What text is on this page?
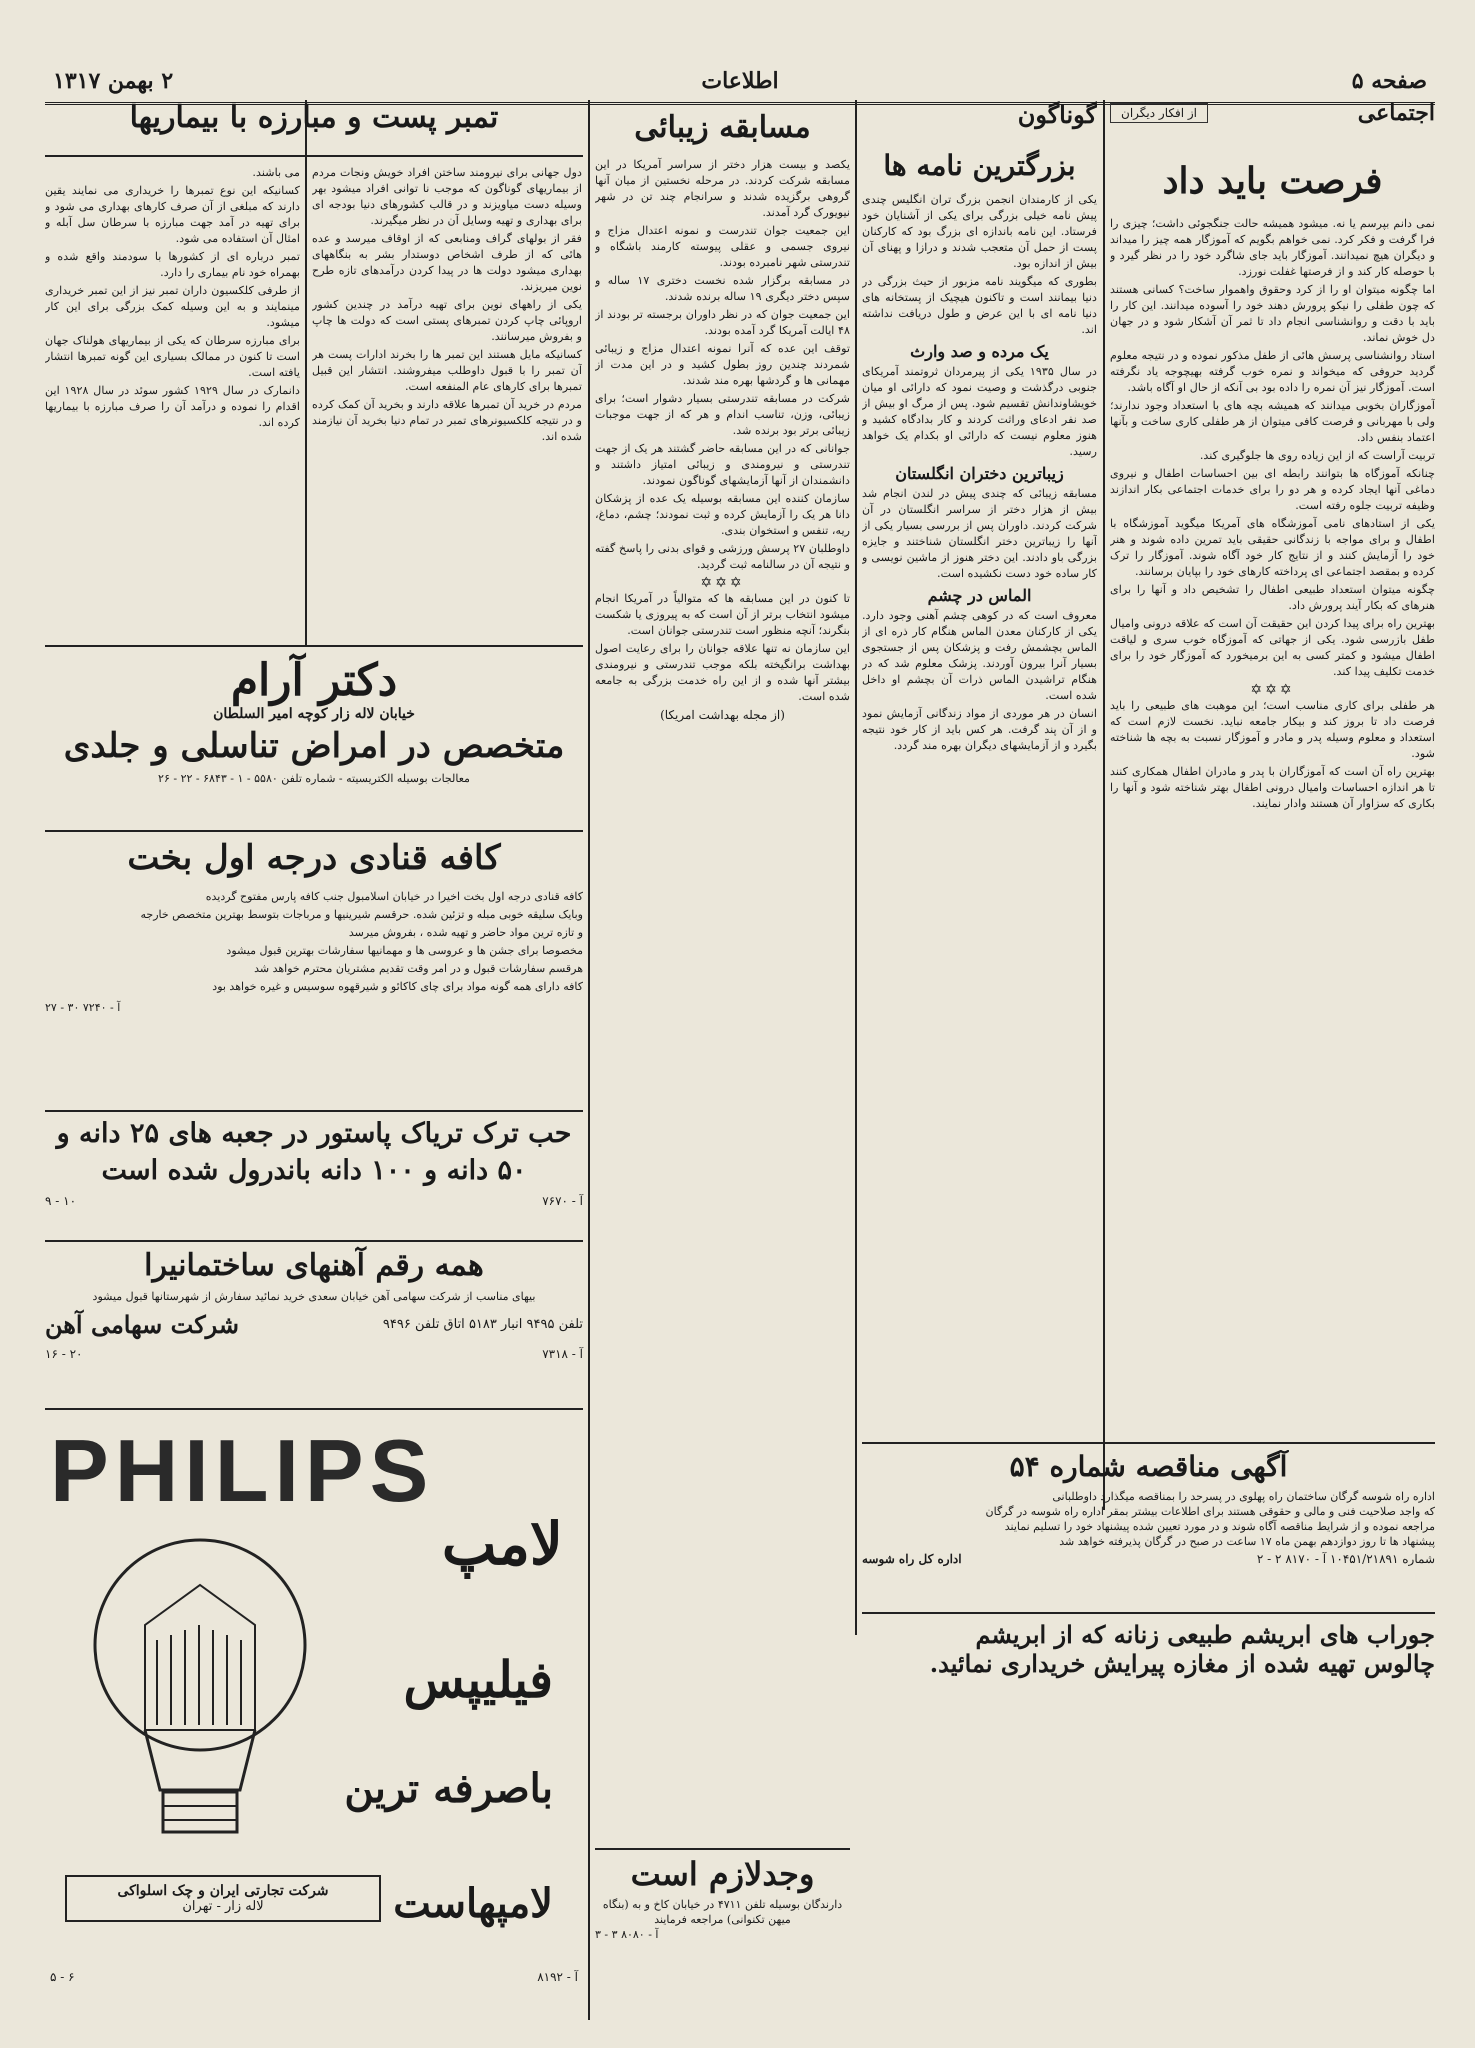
صفحه ۵
اطلاعات
۲ بهمن ۱۳۱۷
اجتماعی
از افکار دیگران
فرصت باید داد

نمی دانم بپرسم یا نه. میشود همیشه حالت جنگجوئی داشت؛ چیزی را فرا گرفت و فکر کرد. نمی خواهم بگویم که آموزگار همه چیز را میداند و دیگران هیچ نمیدانند. آموزگار باید جای شاگرد خود را در نظر گیرد و با حوصله کار کند و از فرصتها غفلت نورزد.

اما چگونه میتوان او را از کرد وحقوق واهموار ساخت؟ کسانی هستند که چون طفلی را نیکو پرورش دهند خود را آسوده میدانند. این کار را باید با دقت و روانشناسی انجام داد تا ثمر آن آشکار شود و در جهان دل خوش نماند.

استاد روانشناسی پرسش هائی از طفل مذکور نموده و در نتیجه معلوم گردید حروفی که میخواند و نمره خوب گرفته بهیچوجه یاد نگرفته است. آموزگار نیز آن نمره را داده بود بی آنکه از حال او آگاه باشد.

آموزگاران بخوبی میدانند که همیشه بچه های با استعداد وجود ندارند؛ ولی با مهربانی و فرصت کافی میتوان از هر طفلی کاری ساخت و بآنها اعتماد بنفس داد.

تربیت آراست که از این زیاده روی ها جلوگیری کند.

چنانکه آموزگاه ها بتوانند رابطه ای بین احساسات اطفال و نیروی دماغی آنها ایجاد کرده و هر دو را برای خدمات اجتماعی بکار اندازند وظیفه تربیت جلوه رفته است.

یکی از استادهای نامی آموزشگاه های آمریکا میگوید آموزشگاه با اطفال و برای مواجه با زندگانی حقیقی باید تمرین داده شوند و هنر خود را آزمایش کنند و از نتایج کار خود آگاه شوند. آموزگار را ترک کرده و بمقصد اجتماعی ای پرداخته کارهای خود را بپایان برسانند.

چگونه میتوان استعداد طبیعی اطفال را تشخیص داد و آنها را برای هنرهای که بکار آیند پرورش داد.

بهترین راه برای پیدا کردن این حقیقت آن است که علاقه درونی وامیال طفل بازرسی شود. یکی از جهاتی که آموزگاه خوب سری و لیاقت اطفال میشود و کمتر کسی به این برمیخورد که آموزگار خود را برای خدمت تکلیف پیدا کند.

✡✡✡

هر طفلی برای کاری مناسب است؛ این موهبت های طبیعی را باید فرصت داد تا بروز کند و بیکار جامعه نباید. نخست لازم است که استعداد و معلوم وسیله پدر و مادر و آموزگار نسبت به بچه ها شناخته شود.

بهترین راه آن است که آموزگاران با پدر و مادران اطفال همکاری کنند تا هر اندازه احساسات وامیال درونی اطفال بهتر شناخته شود و آنها را بکاری که سزاوار آن هستند وادار نمایند.

گوناگون
بزرگترین نامه ها

یکی از کارمندان انجمن بزرگ تران انگلیس چندی پیش نامه خیلی بزرگی برای یکی از آشنایان خود فرستاد. این نامه باندازه ای بزرگ بود که کارکنان پست از حمل آن متعجب شدند و درازا و پهنای آن بیش از اندازه بود.

بطوری که میگویند نامه مزبور از حیث بزرگی در دنیا بیمانند است و تاکنون هیچیک از پستخانه های دنیا نامه ای با این عرض و طول دریافت نداشته اند.

یک مرده و صد وارث

در سال ۱۹۳۵ یکی از پیرمردان ثروتمند آمریکای جنوبی درگذشت و وصیت نمود که دارائی او میان خویشاوندانش تقسیم شود. پس از مرگ او بیش از صد نفر ادعای وراثت کردند و کار بدادگاه کشید و هنوز معلوم نیست که دارائی او بکدام یک خواهد رسید.

زیباترین دختران انگلستان

مسابقه زیبائی که چندی پیش در لندن انجام شد بیش از هزار دختر از سراسر انگلستان در آن شرکت کردند. داوران پس از بررسی بسیار یکی از آنها را زیباترین دختر انگلستان شناختند و جایزه بزرگی باو دادند. این دختر هنوز از ماشین نویسی و کار ساده خود دست نکشیده است.

الماس در چشم

معروف است که در کوهی چشم آهنی وجود دارد. یکی از کارکنان معدن الماس هنگام کار ذره ای از الماس بچشمش رفت و پزشکان پس از جستجوی بسیار آنرا بیرون آوردند. پزشک معلوم شد که در هنگام تراشیدن الماس ذرات آن بچشم او داخل شده است.

انسان در هر موردی از مواد زندگانی آزمایش نمود و از آن پند گرفت. هر کس باید از کار خود نتیجه بگیرد و از آزمایشهای دیگران بهره مند گردد.

آگهی مناقصه شماره ۵۴
اداره راه شوسه گرگان ساختمان راه پهلوی در پسرحد را بمناقصه میگذارد داوطلبانی
که واجد صلاحیت فنی و مالی و حقوقی هستند برای اطلاعات بیشتر بمقر اداره راه شوسه در گرگان
مراجعه نموده و از شرایط مناقصه آگاه شوند و در مورد تعیین شده پیشنهاد خود را تسلیم نمایند
پیشنهاد ها تا روز دوازدهم بهمن ماه ۱۷ ساعت در صبح در گرگان پذیرفته خواهد شد
شماره ۱۰۴۵۱/۲۱۸۹۱ آ - ۸۱۷۰ ۲ - ۲
اداره کل راه شوسه
جوراب های ابریشم طبیعی زنانه که از ابریشم
چالوس تهیه شده از مغازه پیرایش خریداری نمائید.
مسابقه زیبائی

یکصد و بیست هزار دختر از سراسر آمریکا در این مسابقه شرکت کردند. در مرحله نخستین از میان آنها گروهی برگزیده شدند و سرانجام چند تن در شهر نیویورک گرد آمدند.

این جمعیت جوان تندرست و نمونه اعتدال مزاج و نیروی جسمی و عقلی پیوسته کارمند باشگاه و تندرستی شهر نامبرده بودند.

در مسابقه برگزار شده نخست دختری ۱۷ ساله و سپس دختر دیگری ۱۹ ساله برنده شدند.

این جمعیت جوان که در نظر داوران برجسته تر بودند از ۴۸ ایالت آمریکا گرد آمده بودند.

توقف این عده که آنرا نمونه اعتدال مزاج و زیبائی شمردند چندین روز بطول کشید و در این مدت از مهمانی ها و گردشها بهره مند شدند.

شرکت در مسابقه تندرستی بسیار دشوار است؛ برای زیبائی، وزن، تناسب اندام و هر که از جهت موجبات زیبائی برتر بود برنده شد.

جوانانی که در این مسابقه حاضر گشتند هر یک از جهت تندرستی و نیرومندی و زیبائی امتیاز داشتند و دانشمندان از آنها آزمایشهای گوناگون نمودند.

سازمان کننده این مسابقه بوسیله یک عده از پزشکان دانا هر یک را آزمایش کرده و ثبت نمودند؛ چشم، دماغ، ریه، تنفس و استخوان بندی.

داوطلبان ۲۷ پرسش ورزشی و قوای بدنی را پاسخ گفته و نتیجه آن در سالنامه ثبت گردید.

✡✡✡

تا کنون در این مسابقه ها که متوالیاً در آمریکا انجام میشود انتخاب برتر از آن است که به پیروزی یا شکست بنگرند؛ آنچه منظور است تندرستی جوانان است.

این سازمان نه تنها علاقه جوانان را برای رعایت اصول بهداشت برانگیخته بلکه موجب تندرستی و نیرومندی بیشتر آنها شده و از این راه خدمت بزرگی به جامعه شده است.

(از مجله بهداشت امریکا)
وجدلازم است
دارندگان بوسیله تلفن ۴۷۱۱ در خیابان کاخ و به (بنگاه میهن تکنوانی) مراجعه فرمایند
آ - ۸۰۸۰ ۳ - ۳
تمبر پست و مبارزه با بیماریها

دول جهانی برای نیرومند ساختن افراد خویش ونجات مردم از بیماریهای گوناگون که موجب نا توانی افراد میشود بهر وسیله دست میاویزند و در قالب کشورهای دنیا بودجه ای برای بهداری و تهیه وسایل آن در نظر میگیرند.

فقر از بولهای گراف ومنابعی که از اوقاف میرسد و عده هائی که از طرف اشخاص دوستدار بشر به بنگاههای بهداری میشود دولت ها در پیدا کردن درآمدهای تازه طرح نوین میریزند.

یکی از راههای نوین برای تهیه درآمد در چندین کشور اروپائی چاپ کردن تمبرهای پستی است که دولت ها چاپ و بفروش میرسانند.

کسانیکه مایل هستند این تمبر ها را بخرند ادارات پست هر آن تمبر را با قبول داوطلب میفروشند. انتشار این قبیل تمبرها برای کارهای عام المنفعه است.

مردم در خرید آن تمبرها علاقه دارند و بخرید آن کمک کرده و در نتیجه کلکسیونرهای تمبر در تمام دنیا بخرید آن نیازمند شده اند.

می باشند.

کسانیکه این نوع تمبرها را خریداری می نمایند یقین دارند که مبلغی از آن صرف کارهای بهداری می شود و برای تهیه در آمد جهت مبارزه با سرطان سل آبله و امثال آن استفاده می شود.

تمبر درباره ای از کشورها با سودمند واقع شده و بهمراه خود نام بیماری را دارد.

از طرفی کلکسیون داران تمبر نیز از این تمبر خریداری مینمایند و به این وسیله کمک بزرگی برای این کار میشود.

برای مبارزه سرطان که یکی از بیماریهای هولناک جهان است تا کنون در ممالک بسیاری این گونه تمبرها انتشار یافته است.

دانمارک در سال ۱۹۲۹ کشور سوئد در سال ۱۹۲۸ این اقدام را نموده و درآمد آن را صرف مبارزه با بیماریها کرده اند.

دکتر آرام
خیابان لاله زار کوچه امیر السلطان
متخصص در امراض تناسلی و جلدی
معالجات بوسیله الکتریسیته - شماره تلفن ۵۵۸۰ - ۱ - ۶۸۴۳ - ۲۲ - ۲۶
کافه قنادی درجه اول بخت
کافه قنادی درجه اول بخت اخیرا در خیابان اسلامبول جنب کافه پارس مفتوح گردیده
وبایک سلیقه خوبی مبله و تزئین شده. حرقسم شیرینیها و مرباجات بتوسط بهترین متخصص خارجه
و تازه ترین مواد حاضر و تهیه شده ، بفروش میرسد
مخصوصا برای جشن ها و عروسی ها و مهمانیها سفارشات بهترین قبول میشود
هرقسم سفارشات قبول و در امر وقت تقدیم مشتریان محترم خواهد شد
کافه دارای همه گونه مواد برای چای کاکائو و شیرقهوه سوسیس و غیره خواهد بود
آ - ۷۲۴۰ ۳۰ - ۲۷
حب ترک تریاک پاستور در جعبه های ۲۵ دانه و
۵۰ دانه و ۱۰۰ دانه باندرول شده است
آ - ۷۶۷۰
۱۰ - ۹
همه رقم آهنهای ساختمانیرا
بیهای مناسب از شرکت سهامی آهن خیابان سعدی خرید نمائید سفارش از شهرستانها قبول میشود
تلفن ۹۴۹۵ انبار ۵۱۸۳ اتاق تلفن ۹۴۹۶
شرکت سهامی آهن
آ - ۷۳۱۸
۲۰ - ۱۶
PHILIPS
لامپ
فیلیپس
باصرفه ترین
لامپهاست
شرکت تجارتی ایران و چک اسلواکی
لاله زار - تهران
آ - ۸۱۹۲
۶ - ۵
